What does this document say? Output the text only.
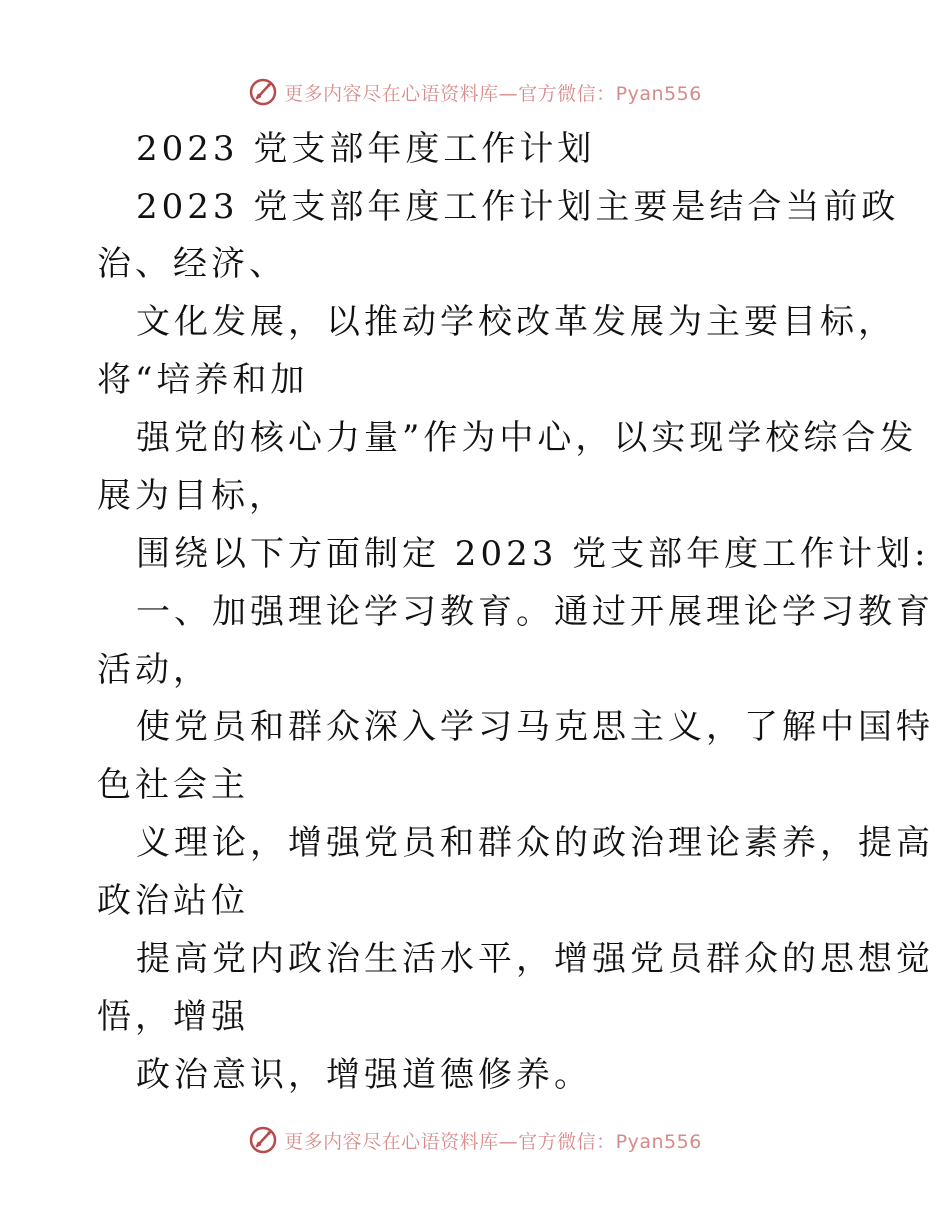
更多内容尽在心语资料库—官方微信：Pyan556
2023 党支部年度工作计划
2023 党支部年度工作计划主要是结合当前政
治、经济、
文化发展，以推动学校改革发展为主要目标，
将“培养和加
强党的核心力量”作为中心，以实现学校综合发
展为目标，
围绕以下方面制定 2023 党支部年度工作计划:
一、加强理论学习教育。通过开展理论学习教育
活动，
使党员和群众深入学习马克思主义，了解中国特
色社会主
义理论，增强党员和群众的政治理论素养，提高
政治站位
提高党内政治生活水平，增强党员群众的思想觉
悟，增强
政治意识，增强道德修养。
更多内容尽在心语资料库—官方微信：Pyan556
